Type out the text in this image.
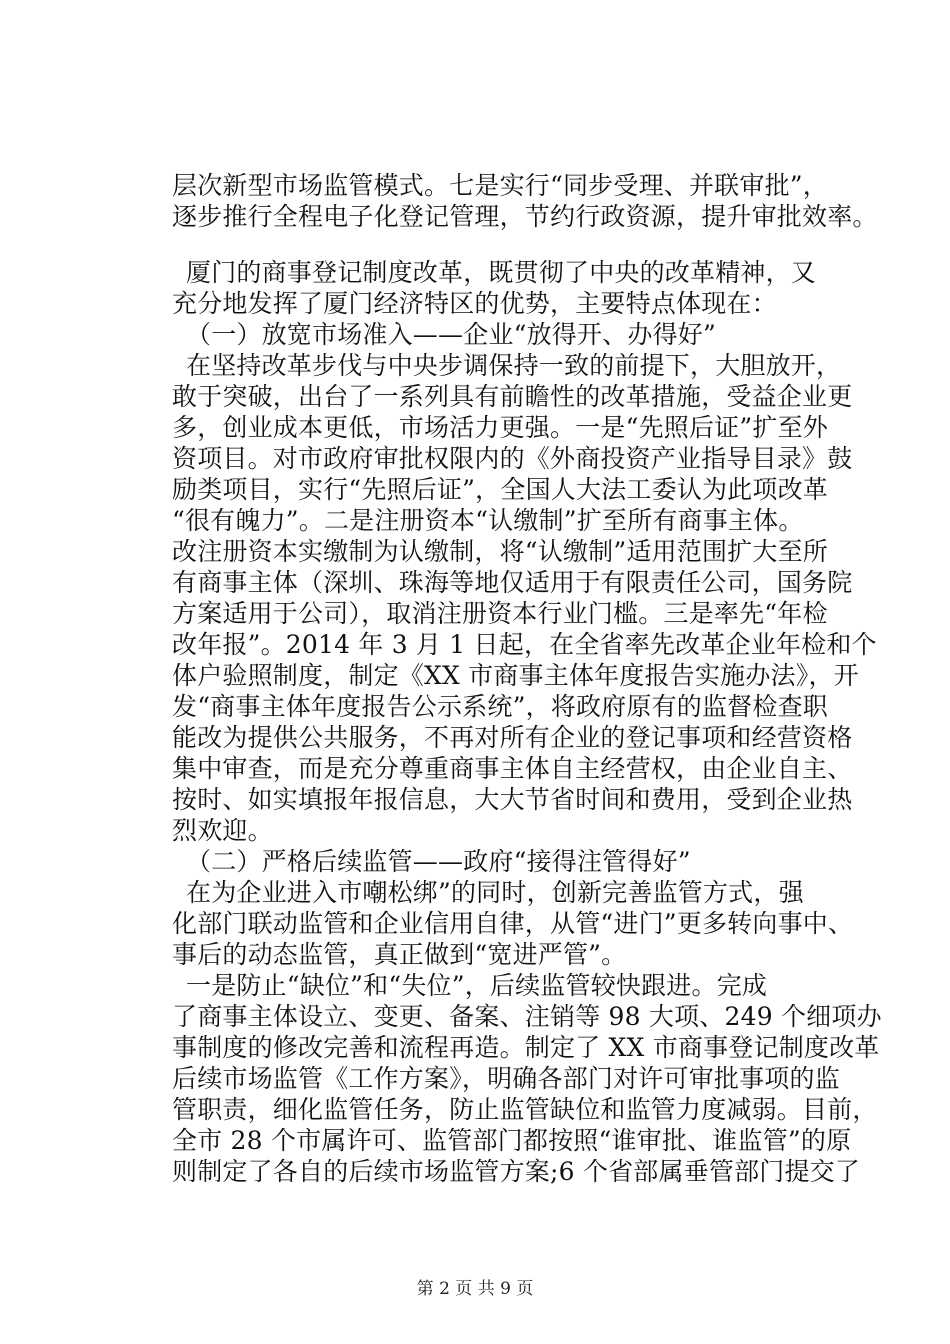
层次新型市场监管模式。七是实行“同步受理、并联审批”，
逐步推行全程电子化登记管理，节约行政资源，提升审批效率。
厦门的商事登记制度改革，既贯彻了中央的改革精神，又
充分地发挥了厦门经济特区的优势，主要特点体现在：
（一）放宽市场准入——企业“放得开、办得好”
在坚持改革步伐与中央步调保持一致的前提下，大胆放开，
敢于突破，出台了一系列具有前瞻性的改革措施，受益企业更
多，创业成本更低，市场活力更强。一是“先照后证”扩至外
资项目。对市政府审批权限内的《外商投资产业指导目录》鼓
励类项目，实行“先照后证”，全国人大法工委认为此项改革
“很有魄力”。二是注册资本“认缴制”扩至所有商事主体。
改注册资本实缴制为认缴制，将“认缴制”适用范围扩大至所
有商事主体（深圳、珠海等地仅适用于有限责任公司，国务院
方案适用于公司），取消注册资本行业门槛。三是率先“年检
改年报”。2014 年 3 月 1 日起，在全省率先改革企业年检和个
体户验照制度，制定《XX 市商事主体年度报告实施办法》，开
发“商事主体年度报告公示系统”，将政府原有的监督检查职
能改为提供公共服务，不再对所有企业的登记事项和经营资格
集中审查，而是充分尊重商事主体自主经营权，由企业自主、
按时、如实填报年报信息，大大节省时间和费用，受到企业热
烈欢迎。
（二）严格后续监管——政府“接得注管得好”
在为企业进入市嘲松绑”的同时，创新完善监管方式，强
化部门联动监管和企业信用自律，从管“进门”更多转向事中、
事后的动态监管，真正做到“宽进严管”。
一是防止“缺位”和“失位”，后续监管较快跟进。完成
了商事主体设立、变更、备案、注销等 98 大项、249 个细项办
事制度的修改完善和流程再造。制定了 XX 市商事登记制度改革
后续市场监管《工作方案》，明确各部门对许可审批事项的监
管职责，细化监管任务，防止监管缺位和监管力度减弱。目前，
全市 28 个市属许可、监管部门都按照“谁审批、谁监管”的原
则制定了各自的后续市场监管方案;6 个省部属垂管部门提交了
第 2 页 共 9 页
